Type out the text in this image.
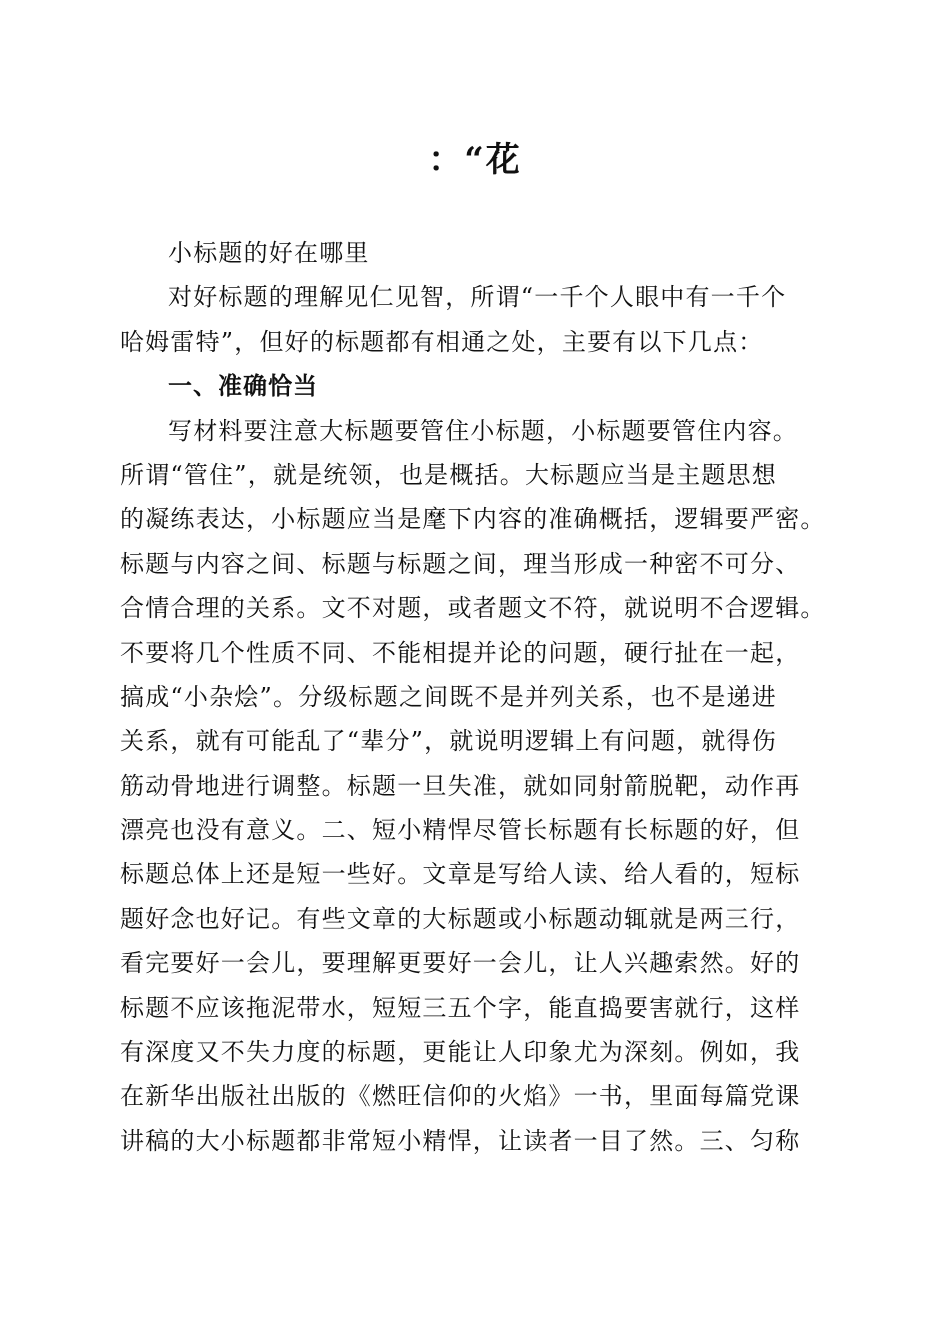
：“花
小标题的好在哪里
对好标题的理解见仁见智，所谓“一千个人眼中有一千个
哈姆雷特”，但好的标题都有相通之处，主要有以下几点：
一、准确恰当
写材料要注意大标题要管住小标题，小标题要管住内容。
所谓“管住”，就是统领，也是概括。大标题应当是主题思想
的凝练表达，小标题应当是麾下内容的准确概括，逻辑要严密。
标题与内容之间、标题与标题之间，理当形成一种密不可分、
合情合理的关系。文不对题，或者题文不符，就说明不合逻辑。
不要将几个性质不同、不能相提并论的问题，硬行扯在一起，
搞成“小杂烩”。分级标题之间既不是并列关系，也不是递进
关系，就有可能乱了“辈分”，就说明逻辑上有问题，就得伤
筋动骨地进行调整。标题一旦失准，就如同射箭脱靶，动作再
漂亮也没有意义。二、短小精悍尽管长标题有长标题的好，但
标题总体上还是短一些好。文章是写给人读、给人看的，短标
题好念也好记。有些文章的大标题或小标题动辄就是两三行，
看完要好一会儿，要理解更要好一会儿，让人兴趣索然。好的
标题不应该拖泥带水，短短三五个字，能直捣要害就行，这样
有深度又不失力度的标题，更能让人印象尤为深刻。例如，我
在新华出版社出版的《燃旺信仰的火焰》一书，里面每篇党课
讲稿的大小标题都非常短小精悍，让读者一目了然。三、匀称
